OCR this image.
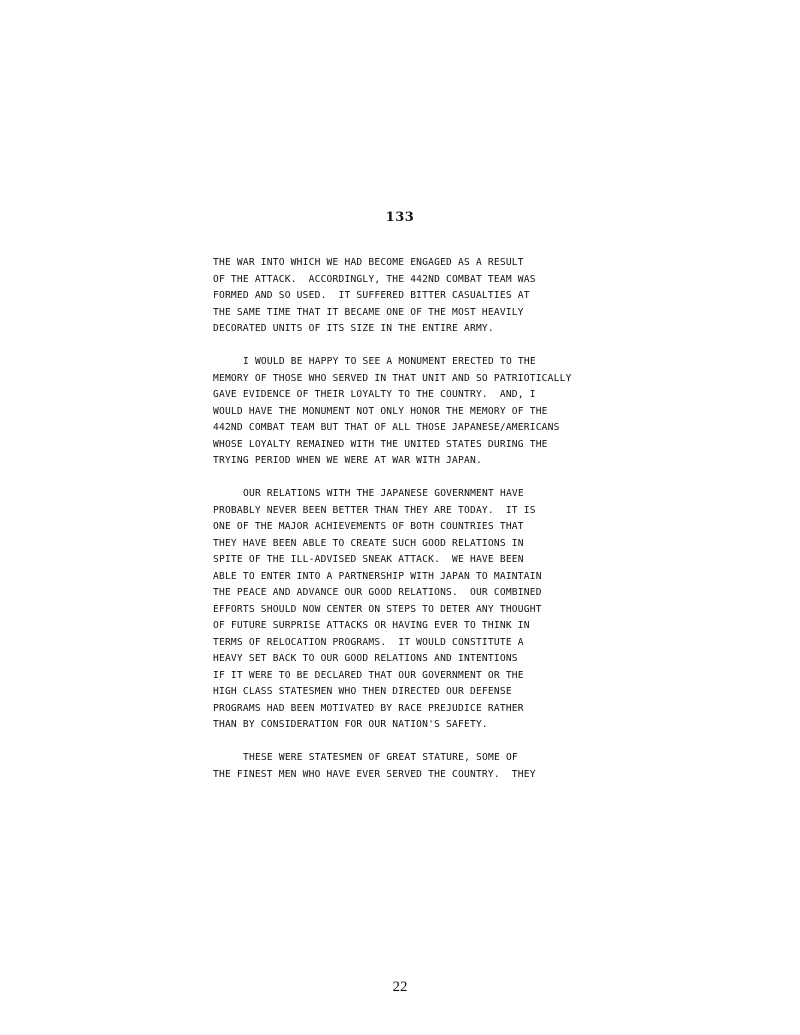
133
THE WAR INTO WHICH WE HAD BECOME ENGAGED AS A RESULT
OF THE ATTACK.  ACCORDINGLY, THE 442ND COMBAT TEAM WAS
FORMED AND SO USED.  IT SUFFERED BITTER CASUALTIES AT
THE SAME TIME THAT IT BECAME ONE OF THE MOST HEAVILY
DECORATED UNITS OF ITS SIZE IN THE ENTIRE ARMY.
I WOULD BE HAPPY TO SEE A MONUMENT ERECTED TO THE
MEMORY OF THOSE WHO SERVED IN THAT UNIT AND SO PATRIOTICALLY
GAVE EVIDENCE OF THEIR LOYALTY TO THE COUNTRY.  AND, I
WOULD HAVE THE MONUMENT NOT ONLY HONOR THE MEMORY OF THE
442ND COMBAT TEAM BUT THAT OF ALL THOSE JAPANESE/AMERICANS
WHOSE LOYALTY REMAINED WITH THE UNITED STATES DURING THE
TRYING PERIOD WHEN WE WERE AT WAR WITH JAPAN.
OUR RELATIONS WITH THE JAPANESE GOVERNMENT HAVE
PROBABLY NEVER BEEN BETTER THAN THEY ARE TODAY.  IT IS
ONE OF THE MAJOR ACHIEVEMENTS OF BOTH COUNTRIES THAT
THEY HAVE BEEN ABLE TO CREATE SUCH GOOD RELATIONS IN
SPITE OF THE ILL-ADVISED SNEAK ATTACK.  WE HAVE BEEN
ABLE TO ENTER INTO A PARTNERSHIP WITH JAPAN TO MAINTAIN
THE PEACE AND ADVANCE OUR GOOD RELATIONS.  OUR COMBINED
EFFORTS SHOULD NOW CENTER ON STEPS TO DETER ANY THOUGHT
OF FUTURE SURPRISE ATTACKS OR HAVING EVER TO THINK IN
TERMS OF RELOCATION PROGRAMS.  IT WOULD CONSTITUTE A
HEAVY SET BACK TO OUR GOOD RELATIONS AND INTENTIONS
IF IT WERE TO BE DECLARED THAT OUR GOVERNMENT OR THE
HIGH CLASS STATESMEN WHO THEN DIRECTED OUR DEFENSE
PROGRAMS HAD BEEN MOTIVATED BY RACE PREJUDICE RATHER
THAN BY CONSIDERATION FOR OUR NATION'S SAFETY.
THESE WERE STATESMEN OF GREAT STATURE, SOME OF
THE FINEST MEN WHO HAVE EVER SERVED THE COUNTRY.  THEY
22
